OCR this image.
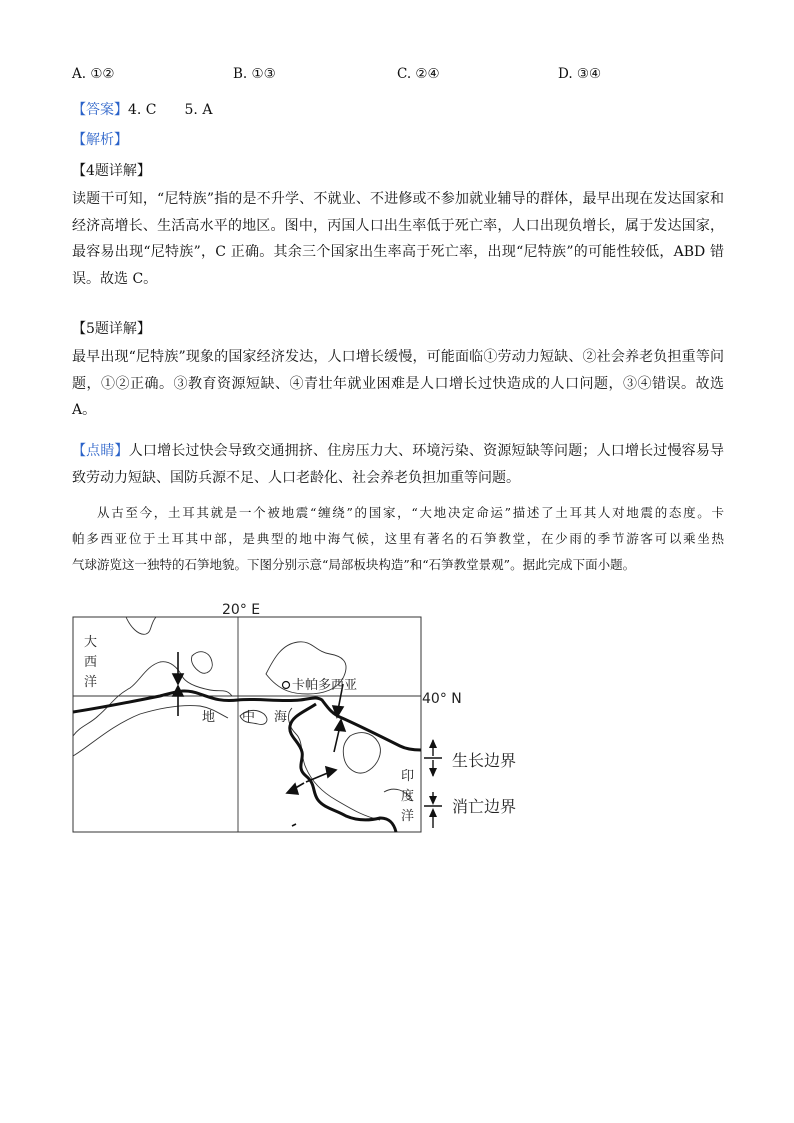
A. ①②	B. ①③	C. ②④	D. ③④
【答案】4. C　　5. A
【解析】
【4题详解】

读题干可知，“尼特族”指的是不升学、不就业、不进修或不参加就业辅导的群体，最早出现在发达国家和

经济高增长、生活高水平的地区。图中，丙国人口出生率低于死亡率，人口出现负增长，属于发达国家，

最容易出现“尼特族”，C 正确。其余三个国家出生率高于死亡率，出现“尼特族”的可能性较低，ABD 错

误。故选 C。

【5题详解】

最早出现“尼特族”现象的国家经济发达，人口增长缓慢，可能面临①劳动力短缺、②社会养老负担重等问

题，①②正确。③教育资源短缺、④青壮年就业困难是人口增长过快造成的人口问题，③④错误。故选

A。

【点睛】人口增长过快会导致交通拥挤、住房压力大、环境污染、资源短缺等问题；人口增长过慢容易导

致劳动力短缺、国防兵源不足、人口老龄化、社会养老负担加重等问题。

从古至今，土耳其就是一个被地震“缠绕”的国家，“大地决定命运”描述了土耳其人对地震的态度。卡

帕多西亚位于土耳其中部，是典型的地中海气候，这里有著名的石笋教堂，在少雨的季节游客可以乘坐热

气球游览这一独特的石笋地貌。下图分别示意“局部板块构造”和“石笋教堂景观”。据此完成下面小题。

20° E
40° N
卡帕多西亚
大
西
洋
地 中 海
印
度
洋
生长边界
消亡边界
